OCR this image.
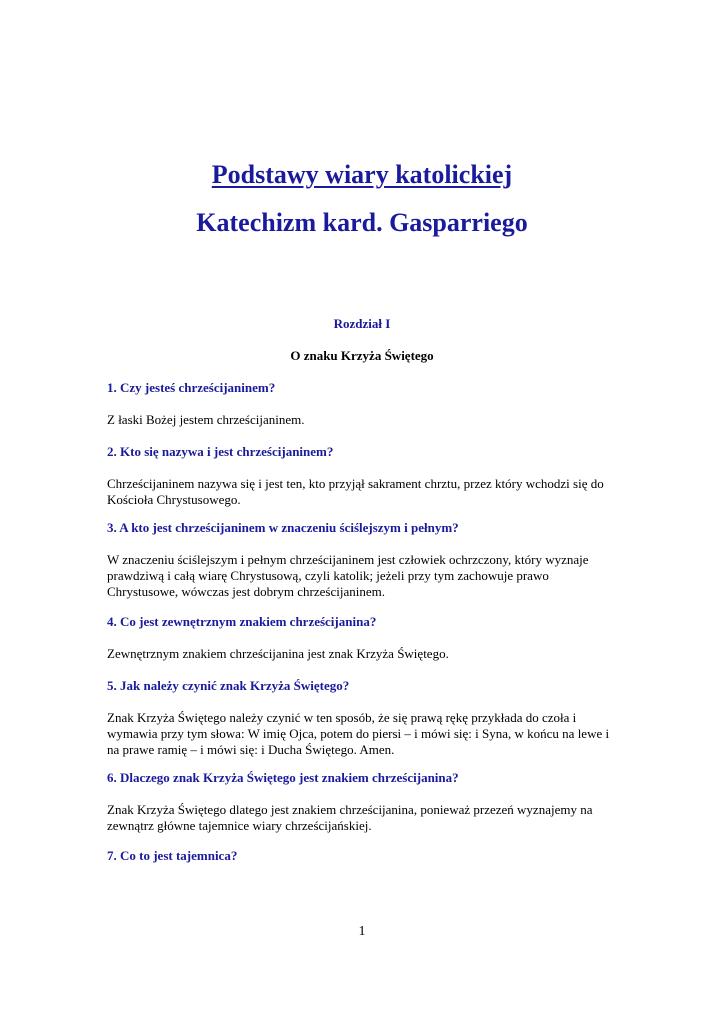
Podstawy wiary katolickiej
Katechizm kard. Gasparriego
Rozdział I
O znaku Krzyża Świętego

1. Czy jesteś chrześcijaninem?

Z łaski Bożej jestem chrześcijaninem.

2. Kto się nazywa i jest chrześcijaninem?

Chrześcijaninem nazywa się i jest ten, kto przyjął sakrament chrztu, przez który wchodzi się do Kościoła Chrystusowego.

3. A kto jest chrześcijaninem w znaczeniu ściślejszym i pełnym?

W znaczeniu ściślejszym i pełnym chrześcijaninem jest człowiek ochrzczony, który wyznaje prawdziwą i całą wiarę Chrystusową, czyli katolik; jeżeli przy tym zachowuje prawo Chrystusowe, wówczas jest dobrym chrześcijaninem.

4. Co jest zewnętrznym znakiem chrześcijanina?

Zewnętrznym znakiem chrześcijanina jest znak Krzyża Świętego.

5. Jak należy czynić znak Krzyża Świętego?

Znak Krzyża Świętego należy czynić w ten sposób, że się prawą rękę przykłada do czoła i wymawia przy tym słowa: W imię Ojca, potem do piersi – i mówi się: i Syna, w końcu na lewe i na prawe ramię – i mówi się: i Ducha Świętego. Amen.

6. Dlaczego znak Krzyża Świętego jest znakiem chrześcijanina?

Znak Krzyża Świętego dlatego jest znakiem chrześcijanina, ponieważ przezeń wyznajemy na zewnątrz główne tajemnice wiary chrześcijańskiej.

7. Co to jest tajemnica?

1
